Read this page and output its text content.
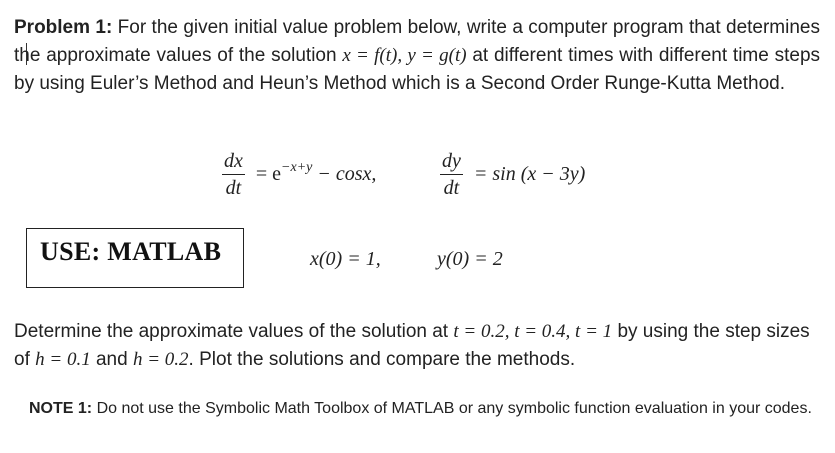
Problem 1: For the given initial value problem below, write a computer program that determines the approximate values of the solution x = f(t), y = g(t) at different times with different time steps by using Euler’s Method and Heun’s Method which is a Second Order Runge-Kutta Method.

$\frac{dx}{dt} = e^{-x+y} - \cos x$,	$\frac{dy}{dt} = \sin (x - 3y)$
USE: MATLAB	x(0) = 1,	y(0) = 2

Determine the approximate values of the solution at t = 0.2, t = 0.4, t = 1 by using the step sizes of h = 0.1 and h = 0.2. Plot the solutions and compare the methods.

NOTE 1: Do not use the Symbolic Math Toolbox of MATLAB or any symbolic function evaluation in your codes.
